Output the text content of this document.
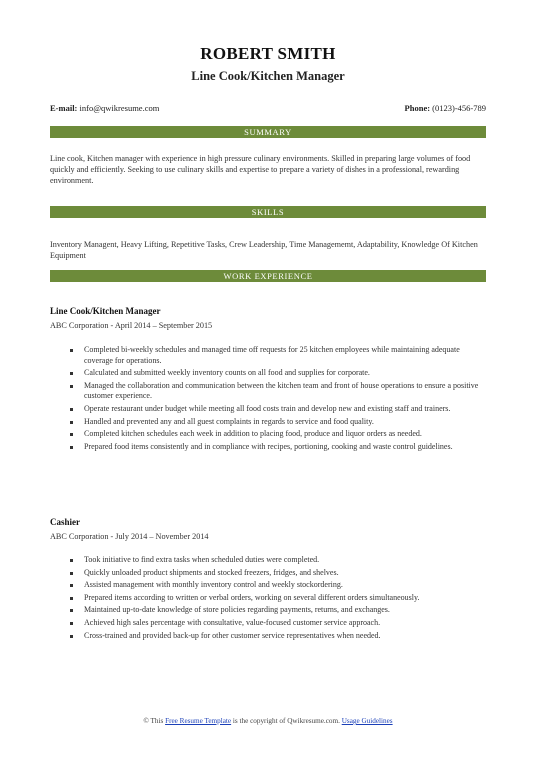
ROBERT SMITH
Line Cook/Kitchen Manager
E-mail: info@qwikresume.com	Phone: (0123)-456-789
SUMMARY
Line cook, Kitchen manager with experience in high pressure culinary environments. Skilled in preparing large volumes of food quickly and efficiently. Seeking to use culinary skills and expertise to prepare a variety of dishes in a professional, rewarding environment.
SKILLS
Inventory Managent, Heavy Lifting, Repetitive Tasks, Crew Leadership, Time Managememt, Adaptability, Knowledge Of Kitchen Equipment
WORK EXPERIENCE
Line Cook/Kitchen Manager
ABC Corporation - April 2014 – September 2015
Completed bi-weekly schedules and managed time off requests for 25 kitchen employees while maintaining adequate coverage for operations.
Calculated and submitted weekly inventory counts on all food and supplies for corporate.
Managed the collaboration and communication between the kitchen team and front of house operations to ensure a positive customer experience.
Operate restaurant under budget while meeting all food costs train and develop new and existing staff and trainers.
Handled and prevented any and all guest complaints in regards to service and food quality.
Completed kitchen schedules each week in addition to placing food, produce and liquor orders as needed.
Prepared food items consistently and in compliance with recipes, portioning, cooking and waste control guidelines.
Cashier
ABC Corporation - July 2014 – November 2014
Took initiative to find extra tasks when scheduled duties were completed.
Quickly unloaded product shipments and stocked freezers, fridges, and shelves.
Assisted management with monthly inventory control and weekly stockordering.
Prepared items according to written or verbal orders, working on several different orders simultaneously.
Maintained up-to-date knowledge of store policies regarding payments, returns, and exchanges.
Achieved high sales percentage with consultative, value-focused customer service approach.
Cross-trained and provided back-up for other customer service representatives when needed.
© This Free Resume Template is the copyright of Qwikresume.com. Usage Guidelines
